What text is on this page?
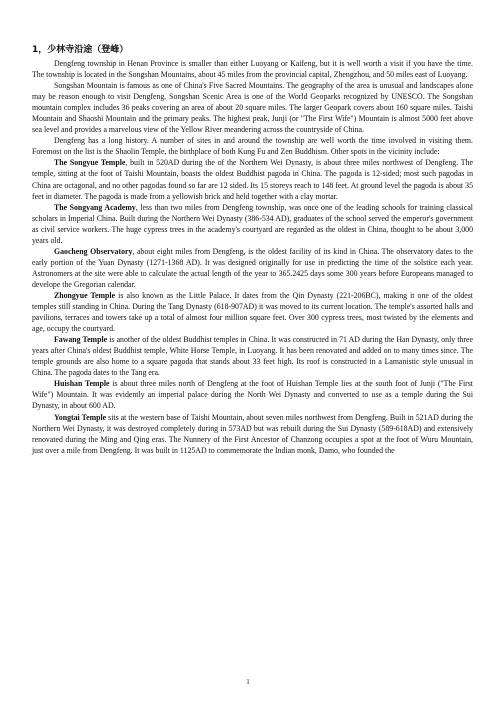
1，少林寺沿途（登峰）

Dengfeng township in Henan Province is smaller than either Luoyang or Kaifeng, but it is well worth a visit if you have the time. The township is located in the Songshan Mountains, about 45 miles from the provincial capital, Zhengzhou, and 50 miles east of Luoyang.

Songshan Mountain is famous as one of China's Five Sacred Mountains. The geography of the area is unusual and landscapes alone may be reason enough to visit Dengfeng. Songshan Scenic Area is one of the World Geoparks recognized by UNESCO. The Songshan mountain complex includes 36 peaks covering an area of about 20 square miles. The larger Geopark covers about 160 square miles. Taishi Mountain and Shaoshi Mountain and the primary peaks. The highest peak, Junji (or "The First Wife") Mountain is almost 5000 feet above sea level and provides a marvelous view of the Yellow River meandering across the countryside of China.

Dengfeng has a long history. A number of sites in and around the township are well worth the time involved in visiting them. Foremost on the list is the Shaolin Temple, the birthplace of both Kung Fu and Zen Buddhism. Other spots in the vicinity include:

The Songyue Temple, built in 520AD during the of the Northern Wei Dynasty, is about three miles northwest of Dengfeng. The temple, sitting at the foot of Taishi Mountain, boasts the oldest Buddhist pagoda in China. The pagoda is 12-sided; most such pagodas in China are octagonal, and no other pagodas found so far are 12 sided. Its 15 storeys reach to 148 feet. At ground level the pagoda is about 35 feet in diameter. The pagoda is made from a yellowish brick and held together with a clay mortar.

The Songyang Academy, less than two miles from Dengfeng township, was once one of the leading schools for training classical scholars in Imperial China. Built during the Northern Wei Dynasty (386-534 AD), graduates of the school served the emperor's government as civil service workers. The huge cypress trees in the academy's courtyard are regarded as the oldest in China, thought to be about 3,000 years old.

Gaocheng Observatory, about eight miles from Dengfeng, is the oldest facility of its kind in China. The observatory dates to the early portion of the Yuan Dynasty (1271-1368 AD). It was designed originally for use in predicting the time of the solstice each year. Astronomers at the site were able to calculate the actual length of the year to 365.2425 days some 300 years before Europeans managed to develope the Gregorian calendar.

Zhongyue Temple is also known as the Little Palace. It dates from the Qin Dynasty (221-206BC), making it one of the oldest temples still standing in China. During the Tang Dynasty (618-907AD) it was moved to its current location. The temple's assorted halls and pavilions, terraces and towers take up a total of almost four million square feet. Over 300 cypress trees, most twisted by the elements and age, occupy the courtyard.

Fawang Temple is another of the oldest Buddhist temples in China. It was constructed in 71 AD during the Han Dynasty, only three years after China's oldest Buddhist temple, White Horse Temple, in Luoyang. It has been renovated and added on to many times since. The temple grounds are also home to a square pagoda that stands about 33 feet high. Its roof is constructed in a Lamanistic style unusual in China. The pagoda dates to the Tang era.

Huishan Temple is about three miles north of Dengfeng at the foot of Huishan Temple lies at the south foot of Junji ("The First Wife") Mountain. It was evidently an imperial palace during the North Wei Dynasty and converted to use as a temple during the Sui Dynasty, in about 600 AD.

Yongtai Temple sits at the western base of Taishi Mountain, about seven miles northwest from Dengfeng. Built in 521AD during the Northern Wei Dynasty, it was destroyed completely during in 573AD but was rebuilt during the Sui Dynasty (589-618AD) and extensively renovated during the Ming and Qing eras. The Nunnery of the First Ancestor of Chanzong occupies a spot at the foot of Wuru Mountain, just over a mile from Dengfeng. It was built in 1125AD to commemorate the Indian monk, Damo, who founded the

1
